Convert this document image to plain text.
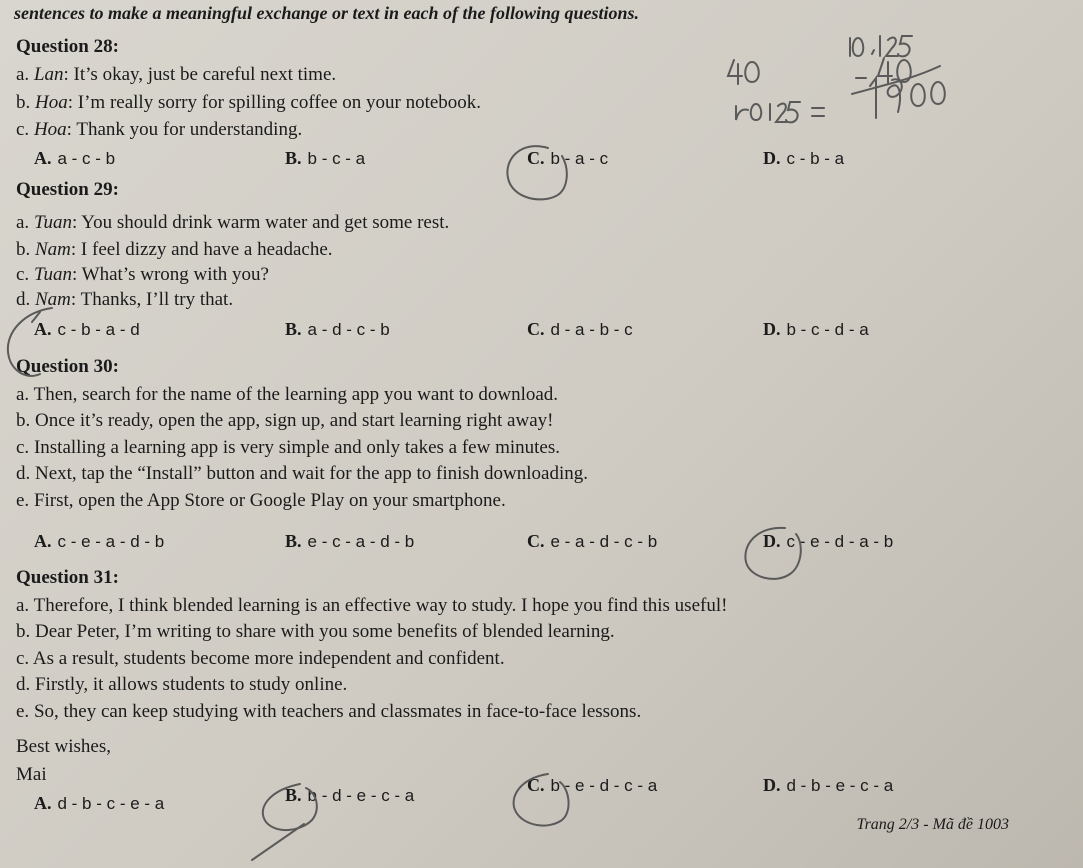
sentences to make a meaningful exchange or text in each of the following questions.
Question 28:
a. Lan: It’s okay, just be careful next time.
b. Hoa: I’m really sorry for spilling coffee on your notebook.
c. Hoa: Thank you for understanding.
A. a - c - b	B. b - c - a	C. b - a - c	D. c - b - a
Question 29:
a. Tuan: You should drink warm water and get some rest.
b. Nam: I feel dizzy and have a headache.
c. Tuan: What’s wrong with you?
d. Nam: Thanks, I’ll try that.
A. c - b - a - d	B. a - d - c - b	C. d - a - b - c	D. b - c - d - a
Question 30:
a. Then, search for the name of the learning app you want to download.
b. Once it’s ready, open the app, sign up, and start learning right away!
c. Installing a learning app is very simple and only takes a few minutes.
d. Next, tap the “Install” button and wait for the app to finish downloading.
e. First, open the App Store or Google Play on your smartphone.
A. c - e - a - d - b	B. e - c - a - d - b	C. e - a - d - c - b	D. c - e - d - a - b
Question 31:
a. Therefore, I think blended learning is an effective way to study. I hope you find this useful!
b. Dear Peter, I’m writing to share with you some benefits of blended learning.
c. As a result, students become more independent and confident.
d. Firstly, it allows students to study online.
e. So, they can keep studying with teachers and classmates in face-to-face lessons.
Best wishes,
Mai
A. d - b - c - e - a	B. b - d - e - c - a
C. b - e - d - c - a	D. d - b - e - c - a
Trang 2/3 - Mã đề 1003
